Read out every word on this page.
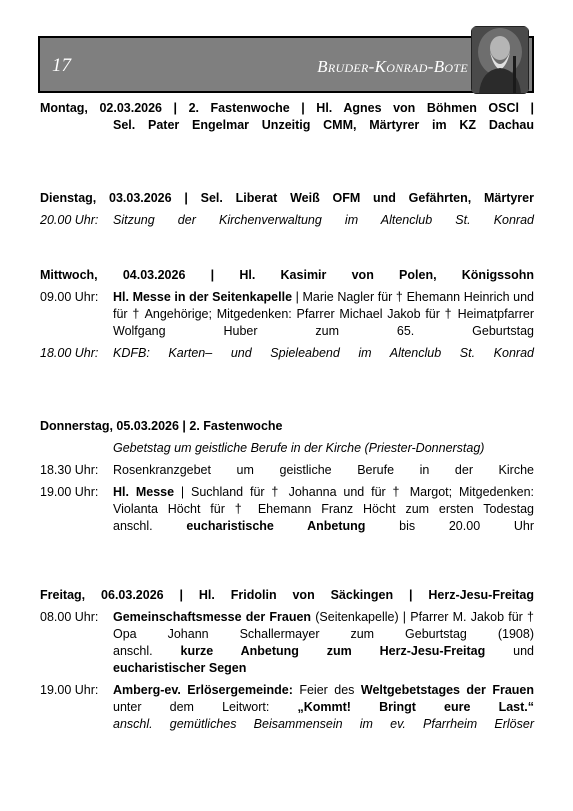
17	Bruder-Konrad-Bote
Montag, 02.03.2026 | 2. Fastenwoche | Hl. Agnes von Böhmen OSCl |
Sel. Pater Engelmar Unzeitig CMM, Märtyrer im KZ Dachau
Dienstag, 03.03.2026 | Sel. Liberat Weiß OFM und Gefährten, Märtyrer
20.00 Uhr:	Sitzung der Kirchenverwaltung im Altenclub St. Konrad
Mittwoch, 04.03.2026 | Hl. Kasimir von Polen, Königssohn
09.00 Uhr:	Hl. Messe in der Seitenkapelle | Marie Nagler für † Ehemann Heinrich und für † Angehörige; Mitgedenken: Pfarrer Michael Jakob für † Heimatpfarrer Wolfgang Huber zum 65. Geburtstag
18.00 Uhr:	KDFB: Karten– und Spieleabend im Altenclub St. Konrad
Donnerstag, 05.03.2026 | 2. Fastenwoche
Gebetstag um geistliche Berufe in der Kirche (Priester-Donnerstag)
18.30 Uhr:	Rosenkranzgebet um geistliche Berufe in der Kirche
19.00 Uhr:	Hl. Messe | Suchland für † Johanna und für † Margot; Mitgedenken: Violanta Höcht für † Ehemann Franz Höcht zum ersten Todestag
anschl. eucharistische Anbetung bis 20.00 Uhr
Freitag, 06.03.2026 | Hl. Fridolin von Säckingen | Herz-Jesu-Freitag
08.00 Uhr:	Gemeinschaftsmesse der Frauen (Seitenkapelle) | Pfarrer M. Jakob für † Opa Johann Schallermayer zum Geburtstag (1908)
anschl. kurze Anbetung zum Herz-Jesu-Freitag und
eucharistischer Segen
19.00 Uhr:	Amberg-ev. Erlösergemeinde: Feier des Weltgebetstages der Frauen unter dem Leitwort: „Kommt! Bringt eure Last.“
anschl. gemütliches Beisammensein im ev. Pfarrheim Erlöser
